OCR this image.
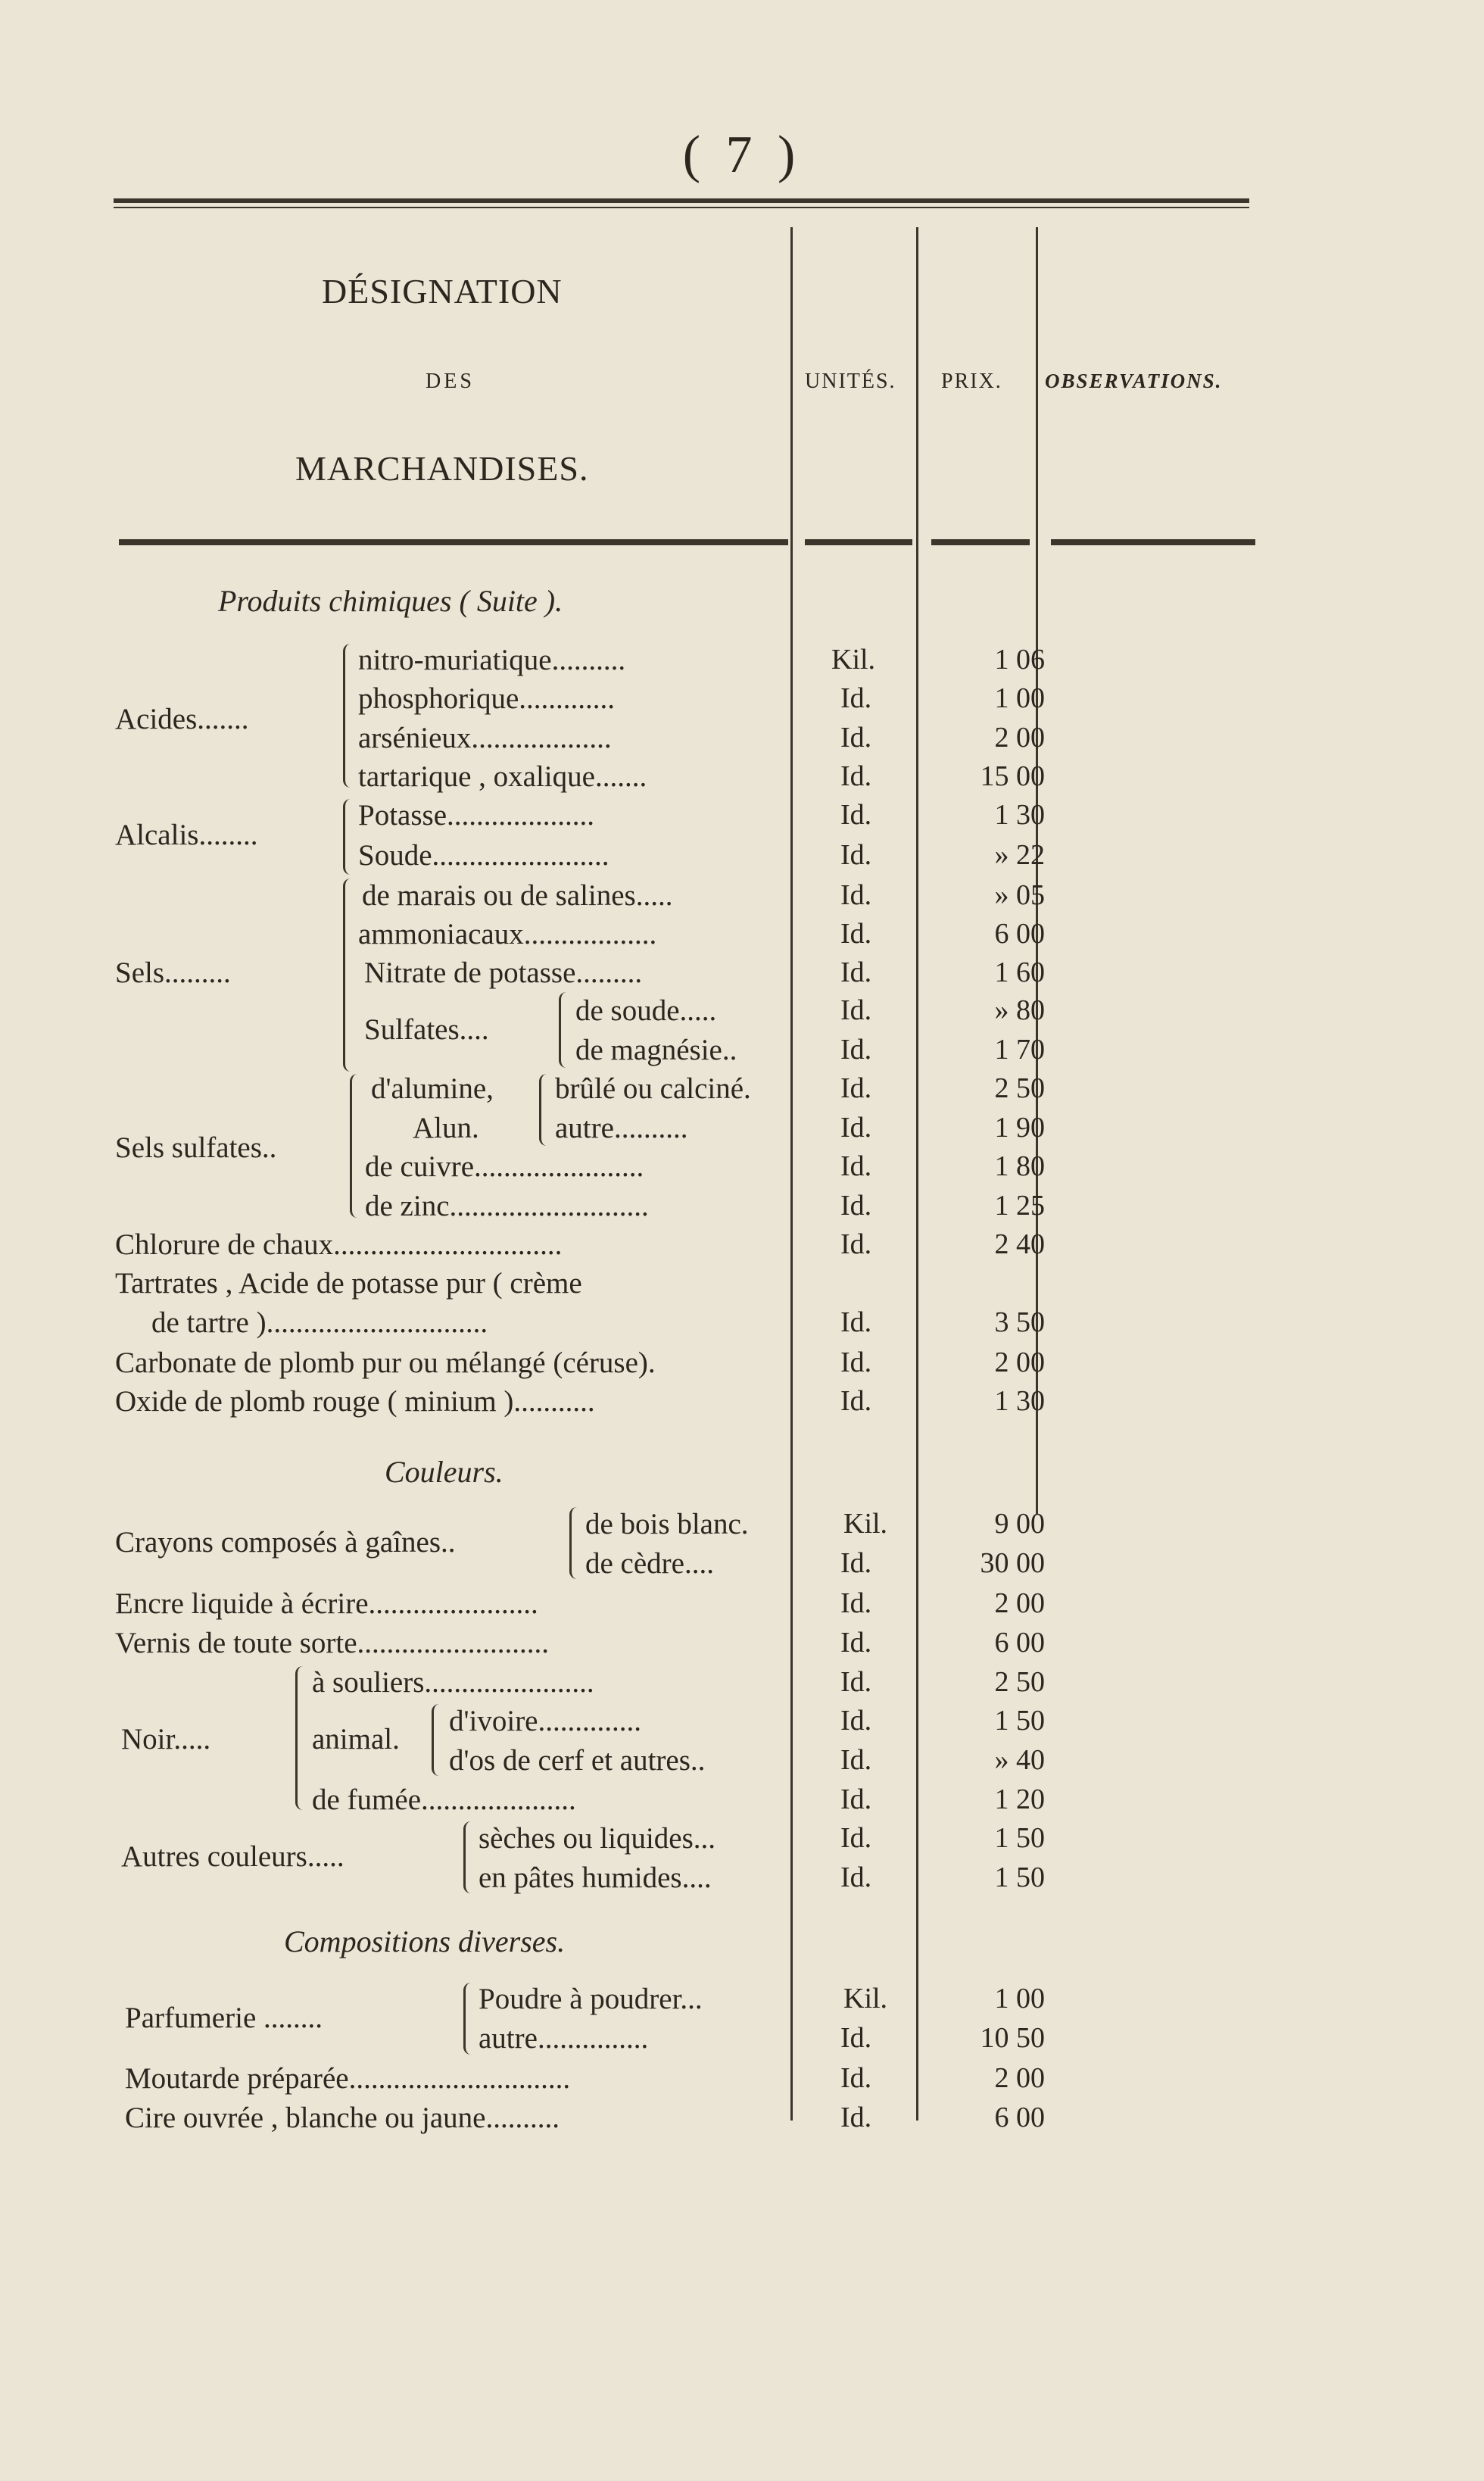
( 7 )
DÉSIGNATION
DES
MARCHANDISES.
UNITÉS. PRIX. OBSERVATIONS.
Produits chimiques ( Suite ).
Acides.......
nitro-muriatique..........
phosphorique.............
arsénieux...................
tartarique , oxalique.......
Alcalis........
Potasse....................
Soude........................
Sels.........
de marais ou de salines.....
ammoniacaux..................
Nitrate de potasse.........
Sulfates....
de soude.....
de magnésie..
Sels sulfates..
d'alumine,
Alun.
brûlé ou calciné.
autre..........
de cuivre.......................
de zinc...........................
Chlorure de chaux...............................
Tartrates , Acide de potasse pur ( crème
de tartre )..............................
Carbonate de plomb pur ou mélangé (céruse).
Oxide de plomb rouge ( minium )...........
Couleurs.
Crayons composés à gaînes..
de bois blanc.
de cèdre....
Encre liquide à écrire.......................
Vernis de toute sorte..........................
Noir.....
à souliers.......................
animal.
d'ivoire..............
d'os de cerf et autres..
de fumée.....................
Autres couleurs.....
sèches ou liquides...
en pâtes humides....
Compositions diverses.
Parfumerie ........
Poudre à poudrer...
autre...............
Moutarde préparée..............................
Cire ouvrée , blanche ou jaune..........
Kil.
Id.
Id.
Id.
Id.
Id.
Id.
Id.
Id.
Id.
Id.
Id.
Id.
Id.
Id.
Id.
Id.
Id.
Id.
Kil.
Id.
Id.
Id.
Id.
Id.
Id.
Id.
Id.
Id.
Kil.
Id.
Id.
Id.
1 06
1 00
2 00
15 00
1 30
» 22
» 05
6 00
1 60
» 80
1 70
2 50
1 90
1 80
1 25
2 40
3 50
2 00
1 30
9 00
30 00
2 00
6 00
2 50
1 50
» 40
1 20
1 50
1 50
1 00
10 50
2 00
6 00
